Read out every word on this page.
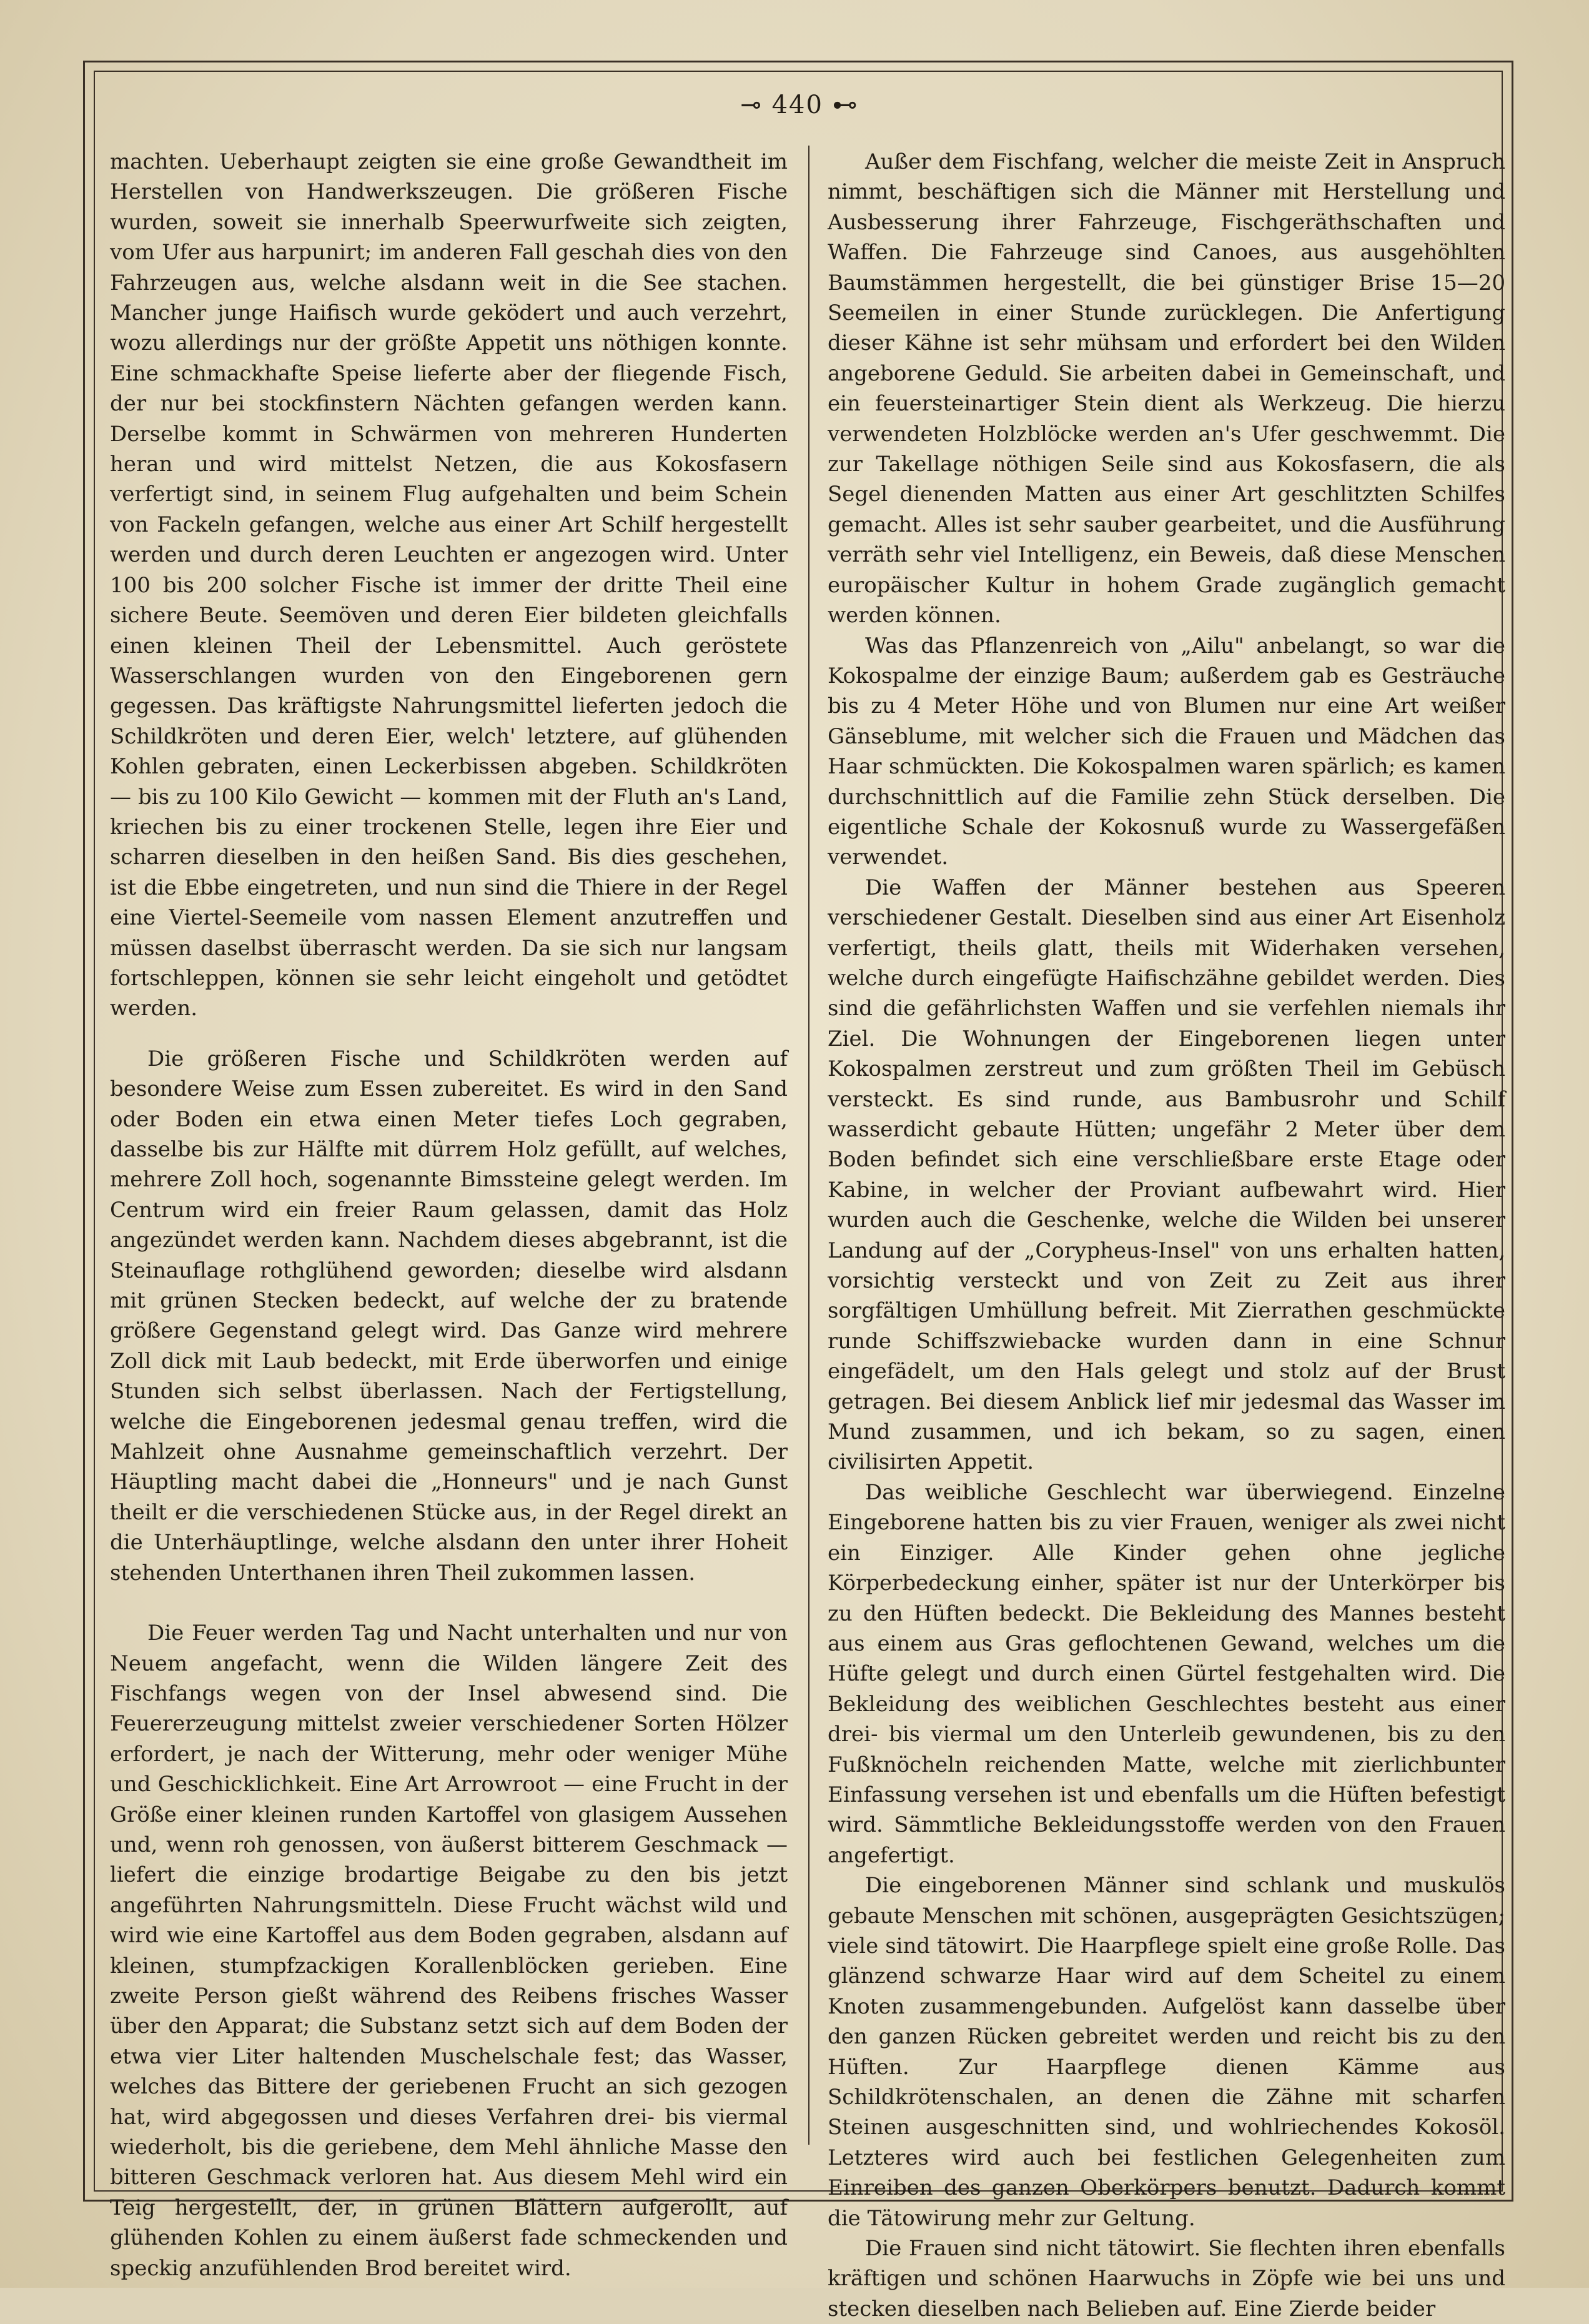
⊸ 440 ⊷

machten. Ueberhaupt zeigten sie eine große Gewandtheit im Herstellen von Handwerkszeugen. Die größeren Fische wurden, soweit sie innerhalb Speerwurfweite sich zeigten, vom Ufer aus harpunirt; im anderen Fall geschah dies von den Fahrzeugen aus, welche alsdann weit in die See stachen. Mancher junge Haifisch wurde geködert und auch verzehrt, wozu allerdings nur der größte Appetit uns nöthigen konnte. Eine schmackhafte Speise lieferte aber der fliegende Fisch, der nur bei stockfinstern Nächten gefangen werden kann. Derselbe kommt in Schwärmen von mehreren Hunderten heran und wird mittelst Netzen, die aus Kokosfasern verfertigt sind, in seinem Flug aufgehalten und beim Schein von Fackeln gefangen, welche aus einer Art Schilf hergestellt werden und durch deren Leuchten er angezogen wird. Unter 100 bis 200 solcher Fische ist immer der dritte Theil eine sichere Beute. Seemöven und deren Eier bildeten gleichfalls einen kleinen Theil der Lebensmittel. Auch geröstete Wasserschlangen wurden von den Eingeborenen gern gegessen. Das kräftigste Nahrungsmittel lieferten jedoch die Schildkröten und deren Eier, welch' letztere, auf glühenden Kohlen gebraten, einen Leckerbissen abgeben. Schildkröten — bis zu 100 Kilo Gewicht — kommen mit der Fluth an's Land, kriechen bis zu einer trockenen Stelle, legen ihre Eier und scharren dieselben in den heißen Sand. Bis dies geschehen, ist die Ebbe eingetreten, und nun sind die Thiere in der Regel eine Viertel-Seemeile vom nassen Element anzutreffen und müssen daselbst überrascht werden. Da sie sich nur langsam fortschleppen, können sie sehr leicht eingeholt und getödtet werden.

Die größeren Fische und Schildkröten werden auf besondere Weise zum Essen zubereitet. Es wird in den Sand oder Boden ein etwa einen Meter tiefes Loch gegraben, dasselbe bis zur Hälfte mit dürrem Holz gefüllt, auf welches, mehrere Zoll hoch, sogenannte Bimssteine gelegt werden. Im Centrum wird ein freier Raum gelassen, damit das Holz angezündet werden kann. Nachdem dieses abgebrannt, ist die Steinauflage rothglühend geworden; dieselbe wird alsdann mit grünen Stecken bedeckt, auf welche der zu bratende größere Gegenstand gelegt wird. Das Ganze wird mehrere Zoll dick mit Laub bedeckt, mit Erde überworfen und einige Stunden sich selbst überlassen. Nach der Fertigstellung, welche die Eingeborenen jedesmal genau treffen, wird die Mahlzeit ohne Ausnahme gemeinschaftlich verzehrt. Der Häuptling macht dabei die „Honneurs" und je nach Gunst theilt er die verschiedenen Stücke aus, in der Regel direkt an die Unterhäuptlinge, welche alsdann den unter ihrer Hoheit stehenden Unterthanen ihren Theil zukommen lassen.

Die Feuer werden Tag und Nacht unterhalten und nur von Neuem angefacht, wenn die Wilden längere Zeit des Fischfangs wegen von der Insel abwesend sind. Die Feuererzeugung mittelst zweier verschiedener Sorten Hölzer erfordert, je nach der Witterung, mehr oder weniger Mühe und Geschicklichkeit. Eine Art Arrowroot — eine Frucht in der Größe einer kleinen runden Kartoffel von glasigem Aussehen und, wenn roh genossen, von äußerst bitterem Geschmack — liefert die einzige brodartige Beigabe zu den bis jetzt angeführten Nahrungsmitteln. Diese Frucht wächst wild und wird wie eine Kartoffel aus dem Boden gegraben, alsdann auf kleinen, stumpfzackigen Korallenblöcken gerieben. Eine zweite Person gießt während des Reibens frisches Wasser über den Apparat; die Substanz setzt sich auf dem Boden der etwa vier Liter haltenden Muschelschale fest; das Wasser, welches das Bittere der geriebenen Frucht an sich gezogen hat, wird abgegossen und dieses Verfahren drei- bis viermal wiederholt, bis die geriebene, dem Mehl ähnliche Masse den bitteren Geschmack verloren hat. Aus diesem Mehl wird ein Teig hergestellt, der, in grünen Blättern aufgerollt, auf glühenden Kohlen zu einem äußerst fade schmeckenden und speckig anzufühlenden Brod bereitet wird.

Außer dem Fischfang, welcher die meiste Zeit in Anspruch nimmt, beschäftigen sich die Männer mit Herstellung und Ausbesserung ihrer Fahrzeuge, Fischgeräthschaften und Waffen. Die Fahrzeuge sind Canoes, aus ausgehöhlten Baumstämmen hergestellt, die bei günstiger Brise 15—20 Seemeilen in einer Stunde zurücklegen. Die Anfertigung dieser Kähne ist sehr mühsam und erfordert bei den Wilden angeborene Geduld. Sie arbeiten dabei in Gemeinschaft, und ein feuersteinartiger Stein dient als Werkzeug. Die hierzu verwendeten Holzblöcke werden an's Ufer geschwemmt. Die zur Takellage nöthigen Seile sind aus Kokosfasern, die als Segel dienenden Matten aus einer Art geschlitzten Schilfes gemacht. Alles ist sehr sauber gearbeitet, und die Ausführung verräth sehr viel Intelligenz, ein Beweis, daß diese Menschen europäischer Kultur in hohem Grade zugänglich gemacht werden können.

Was das Pflanzenreich von „Ailu" anbelangt, so war die Kokospalme der einzige Baum; außerdem gab es Gesträuche bis zu 4 Meter Höhe und von Blumen nur eine Art weißer Gänseblume, mit welcher sich die Frauen und Mädchen das Haar schmückten. Die Kokospalmen waren spärlich; es kamen durchschnittlich auf die Familie zehn Stück derselben. Die eigentliche Schale der Kokosnuß wurde zu Wassergefäßen verwendet.

Die Waffen der Männer bestehen aus Speeren verschiedener Gestalt. Dieselben sind aus einer Art Eisenholz verfertigt, theils glatt, theils mit Widerhaken versehen, welche durch eingefügte Haifischzähne gebildet werden. Dies sind die gefährlichsten Waffen und sie verfehlen niemals ihr Ziel. Die Wohnungen der Eingeborenen liegen unter Kokospalmen zerstreut und zum größten Theil im Gebüsch versteckt. Es sind runde, aus Bambusrohr und Schilf wasserdicht gebaute Hütten; ungefähr 2 Meter über dem Boden befindet sich eine verschließbare erste Etage oder Kabine, in welcher der Proviant aufbewahrt wird. Hier wurden auch die Geschenke, welche die Wilden bei unserer Landung auf der „Coryphеus-Insel" von uns erhalten hatten, vorsichtig versteckt und von Zeit zu Zeit aus ihrer sorgfältigen Umhüllung befreit. Mit Zierrathen geschmückte runde Schiffszwiebacke wurden dann in eine Schnur eingefädelt, um den Hals gelegt und stolz auf der Brust getragen. Bei diesem Anblick lief mir jedesmal das Wasser im Mund zusammen, und ich bekam, so zu sagen, einen civilisirten Appetit.

Das weibliche Geschlecht war überwiegend. Einzelne Eingeborene hatten bis zu vier Frauen, weniger als zwei nicht ein Einziger. Alle Kinder gehen ohne jegliche Körperbedeckung einher, später ist nur der Unterkörper bis zu den Hüften bedeckt. Die Bekleidung des Mannes besteht aus einem aus Gras geflochtenen Gewand, welches um die Hüfte gelegt und durch einen Gürtel festgehalten wird. Die Bekleidung des weiblichen Geschlechtes besteht aus einer drei- bis viermal um den Unterleib gewundenen, bis zu den Fußknöcheln reichenden Matte, welche mit zierlichbunter Einfassung versehen ist und ebenfalls um die Hüften befestigt wird. Sämmtliche Bekleidungsstoffe werden von den Frauen angefertigt.

Die eingeborenen Männer sind schlank und muskulös gebaute Menschen mit schönen, ausgeprägten Gesichtszügen; viele sind tätowirt. Die Haarpflege spielt eine große Rolle. Das glänzend schwarze Haar wird auf dem Scheitel zu einem Knoten zusammengebunden. Aufgelöst kann dasselbe über den ganzen Rücken gebreitet werden und reicht bis zu den Hüften. Zur Haarpflege dienen Kämme aus Schildkrötenschalen, an denen die Zähne mit scharfen Steinen ausgeschnitten sind, und wohlriechendes Kokosöl. Letzteres wird auch bei festlichen Gelegenheiten zum Einreiben des ganzen Oberkörpers benutzt. Dadurch kommt die Tätowirung mehr zur Geltung.

Die Frauen sind nicht tätowirt. Sie flechten ihren ebenfalls kräftigen und schönen Haarwuchs in Zöpfe wie bei uns und stecken dieselben nach Belieben auf. Eine Zierde beider
